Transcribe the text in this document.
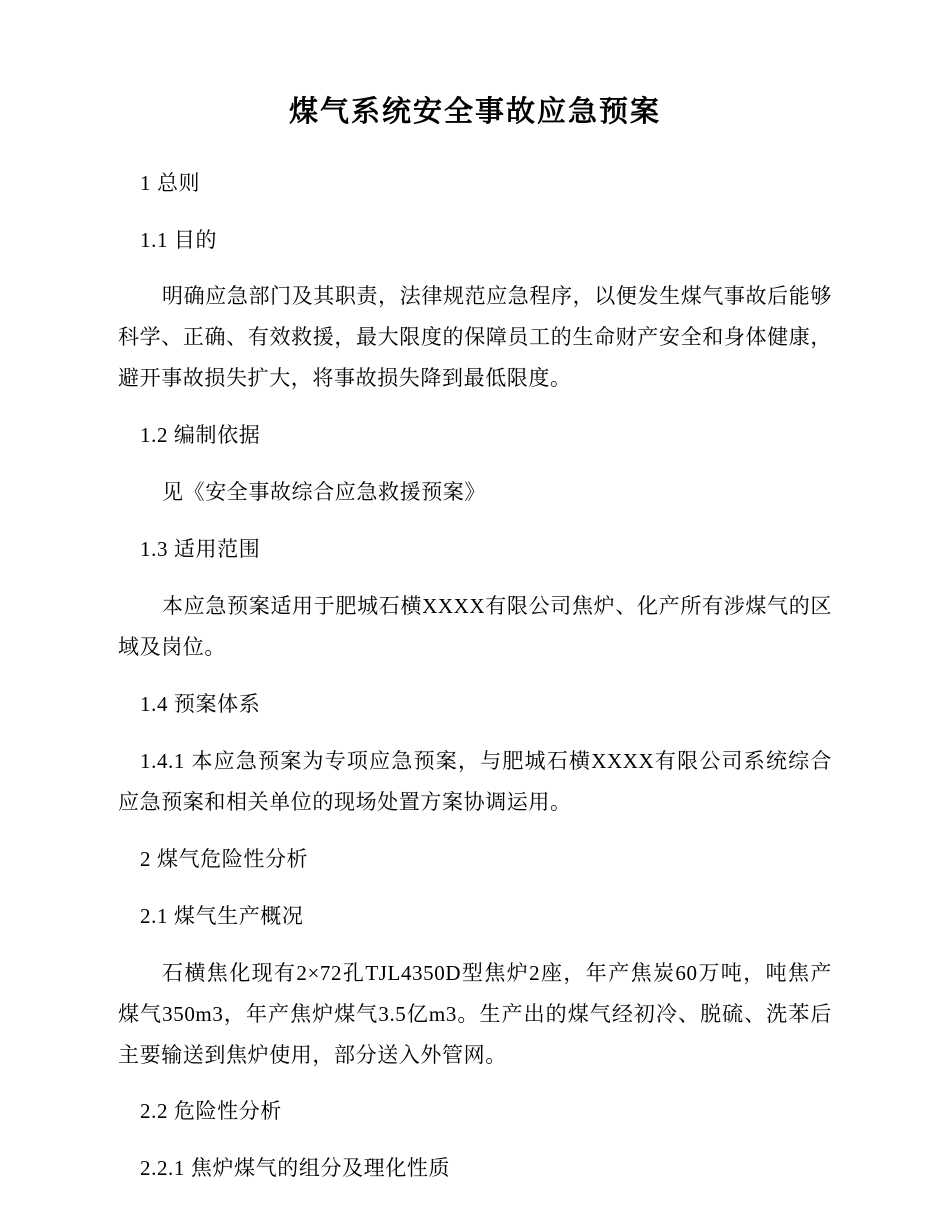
煤气系统安全事故应急预案

1 总则

1.1 目的

明确应急部门及其职责，法律规范应急程序，以便发生煤气事故后能够科学、正确、有效救援，最大限度的保障员工的生命财产安全和身体健康，避开事故损失扩大，将事故损失降到最低限度。

1.2 编制依据

见《安全事故综合应急救援预案》

1.3 适用范围

本应急预案适用于肥城石横XXXX有限公司焦炉、化产所有涉煤气的区域及岗位。

1.4 预案体系

1.4.1 本应急预案为专项应急预案，与肥城石横XXXX有限公司系统综合应急预案和相关单位的现场处置方案协调运用。

2 煤气危险性分析

2.1 煤气生产概况

石横焦化现有2×72孔TJL4350D型焦炉2座，年产焦炭60万吨，吨焦产煤气350m3，年产焦炉煤气3.5亿m3。生产出的煤气经初冷、脱硫、洗苯后主要输送到焦炉使用，部分送入外管网。

2.2 危险性分析

2.2.1 焦炉煤气的组分及理化性质
